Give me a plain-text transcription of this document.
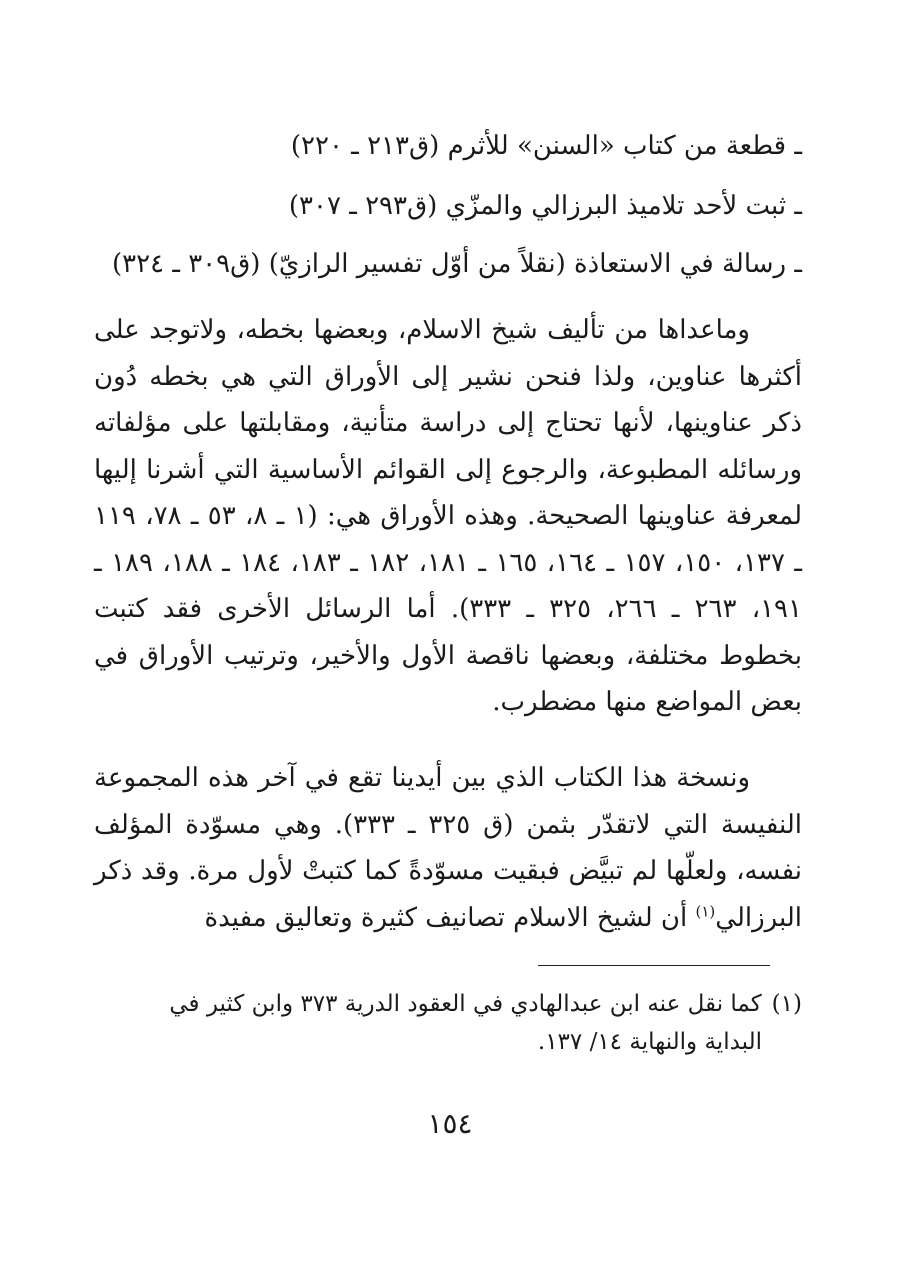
ـ قطعة من كتاب «السنن» للأثرم (ق٢١٣ ـ ٢٢٠)
ـ ثبت لأحد تلاميذ البرزالي والمزّي (ق٢٩٣ ـ ٣٠٧)
ـ رسالة في الاستعاذة (نقلاً من أوّل تفسير الرازيّ) (ق٣٠٩ ـ ٣٢٤)

وماعداها من تأليف شيخ الاسلام، وبعضها بخطه، ولاتوجد على أكثرها عناوين، ولذا فنحن نشير إلى الأوراق التي هي بخطه دُون ذكر عناوينها، لأنها تحتاج إلى دراسة متأنية، ومقابلتها على مؤلفاته ورسائله المطبوعة، والرجوع إلى القوائم الأساسية التي أشرنا إليها لمعرفة عناوينها الصحيحة. وهذه الأوراق هي: (١ ـ ٨، ٥٣ ـ ٧٨، ١١٩ ـ ١٣٧، ١٥٠، ١٥٧ ـ ١٦٤، ١٦٥ ـ ١٨١، ١٨٢ ـ ١٨٣، ١٨٤ ـ ١٨٨، ١٨٩ ـ ١٩١، ٢٦٣ ـ ٢٦٦، ٣٢٥ ـ ٣٣٣). أما الرسائل الأخرى فقد كتبت بخطوط مختلفة، وبعضها ناقصة الأول والأخير، وترتيب الأوراق في بعض المواضع منها مضطرب.

ونسخة هذا الكتاب الذي بين أيدينا تقع في آخر هذه المجموعة النفيسة التي لاتقدّر بثمن (ق ٣٢٥ ـ ٣٣٣). وهي مسوّدة المؤلف نفسه، ولعلّها لم تبيَّض فبقيت مسوّدةً كما كتبتْ لأول مرة. وقد ذكر البرزالي$^{(١)}$ أن لشيخ الاسلام تصانيف كثيرة وتعاليق مفيدة

(١)كما نقل عنه ابن عبدالهادي في العقود الدرية ٣٧٣ وابن كثير في
البداية والنهاية ١٤/ ١٣٧.
١٥٤
